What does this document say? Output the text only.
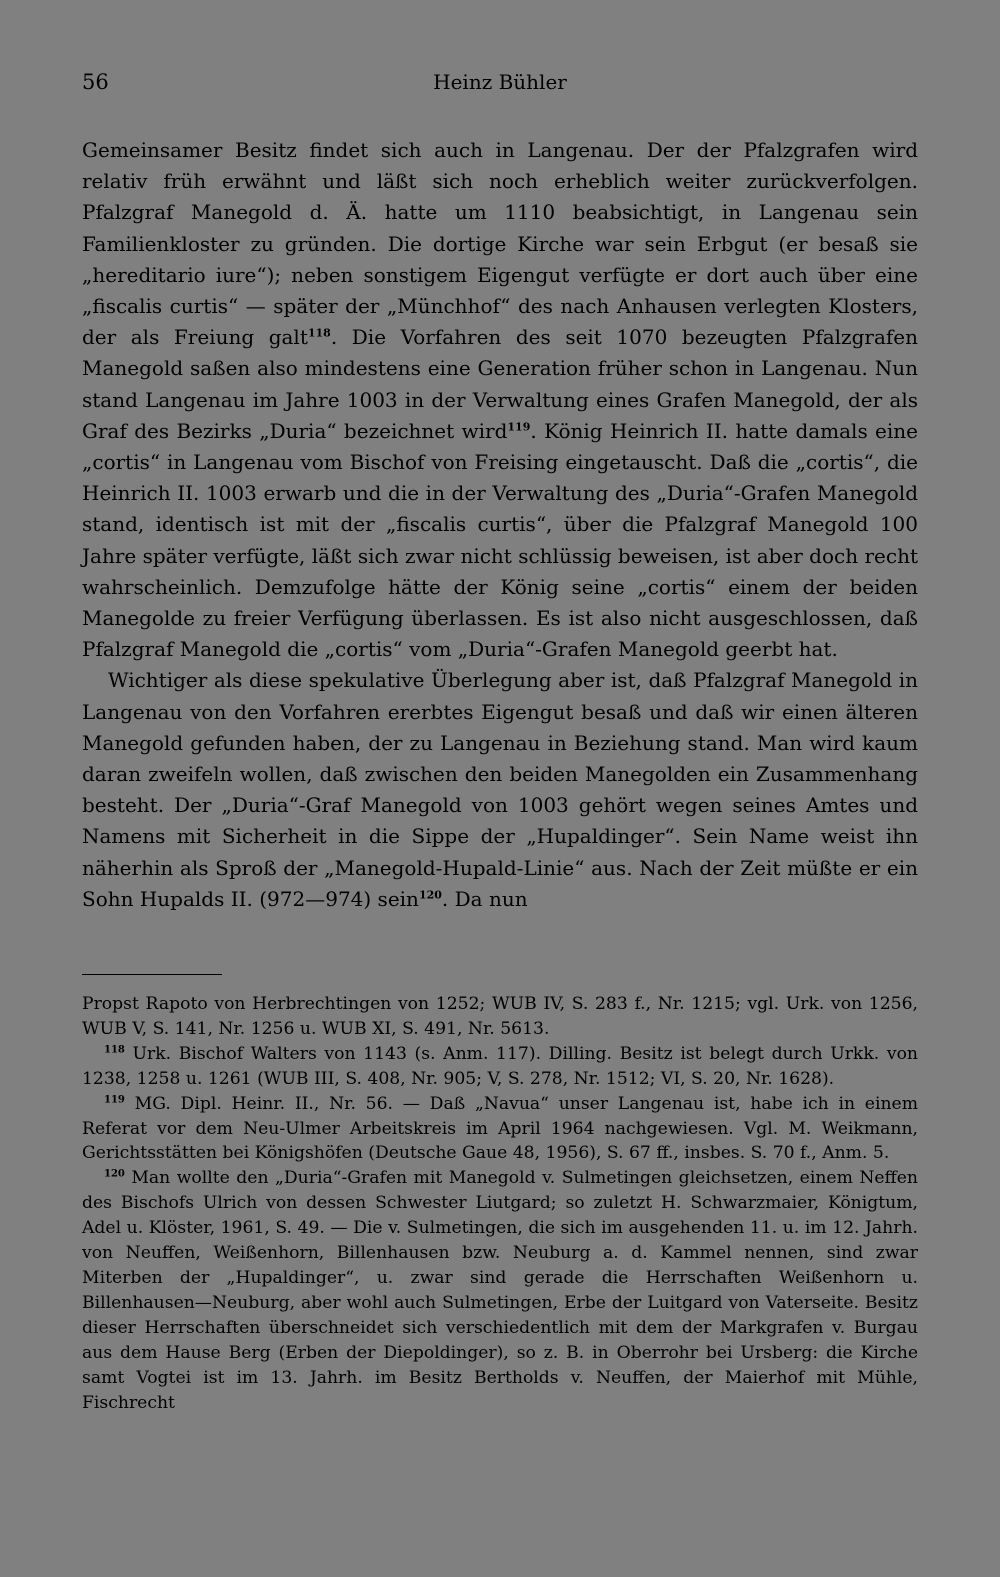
56	Heinz Bühler

Gemeinsamer Besitz findet sich auch in Langenau. Der der Pfalzgrafen wird relativ früh erwähnt und läßt sich noch erheblich weiter zurückverfolgen. Pfalzgraf Manegold d. Ä. hatte um 1110 beabsichtigt, in Langenau sein Familienkloster zu gründen. Die dortige Kirche war sein Erbgut (er besaß sie „hereditario iure“); neben sonstigem Eigengut verfügte er dort auch über eine „fiscalis curtis“ — später der „Münchhof“ des nach Anhausen verlegten Klosters, der als Freiung galt$^{118}$. Die Vorfahren des seit 1070 bezeugten Pfalzgrafen Manegold saßen also mindestens eine Generation früher schon in Langenau. Nun stand Langenau im Jahre 1003 in der Verwaltung eines Grafen Manegold, der als Graf des Bezirks „Duria“ bezeichnet wird$^{119}$. König Heinrich II. hatte damals eine „cortis“ in Langenau vom Bischof von Freising eingetauscht. Daß die „cortis“, die Heinrich II. 1003 erwarb und die in der Verwaltung des „Duria“-Grafen Manegold stand, identisch ist mit der „fiscalis curtis“, über die Pfalzgraf Manegold 100 Jahre später verfügte, läßt sich zwar nicht schlüssig beweisen, ist aber doch recht wahrscheinlich. Demzufolge hätte der König seine „cortis“ einem der beiden Manegolde zu freier Verfügung überlassen. Es ist also nicht ausgeschlossen, daß Pfalzgraf Manegold die „cortis“ vom „Duria“-Grafen Manegold geerbt hat.

Wichtiger als diese spekulative Überlegung aber ist, daß Pfalzgraf Manegold in Langenau von den Vorfahren ererbtes Eigengut besaß und daß wir einen älteren Manegold gefunden haben, der zu Langenau in Beziehung stand. Man wird kaum daran zweifeln wollen, daß zwischen den beiden Manegolden ein Zusammenhang besteht. Der „Duria“-Graf Manegold von 1003 gehört wegen seines Amtes und Namens mit Sicherheit in die Sippe der „Hupaldinger“. Sein Name weist ihn näherhin als Sproß der „Manegold-Hupald-Linie“ aus. Nach der Zeit müßte er ein Sohn Hupalds II. (972—974) sein$^{120}$. Da nun

Propst Rapoto von Herbrechtingen von 1252; WUB IV, S. 283 f., Nr. 1215; vgl. Urk. von 1256, WUB V, S. 141, Nr. 1256 u. WUB XI, S. 491, Nr. 5613.

$^{118}$ Urk. Bischof Walters von 1143 (s. Anm. 117). Dilling. Besitz ist belegt durch Urkk. von 1238, 1258 u. 1261 (WUB III, S. 408, Nr. 905; V, S. 278, Nr. 1512; VI, S. 20, Nr. 1628).

$^{119}$ MG. Dipl. Heinr. II., Nr. 56. — Daß „Navua“ unser Langenau ist, habe ich in einem Referat vor dem Neu-Ulmer Arbeitskreis im April 1964 nachgewiesen. Vgl. M. Weikmann, Gerichtsstätten bei Königshöfen (Deutsche Gaue 48, 1956), S. 67 ff., insbes. S. 70 f., Anm. 5.

$^{120}$ Man wollte den „Duria“-Grafen mit Manegold v. Sulmetingen gleichsetzen, einem Neffen des Bischofs Ulrich von dessen Schwester Liutgard; so zuletzt H. Schwarzmaier, Königtum, Adel u. Klöster, 1961, S. 49. — Die v. Sulmetingen, die sich im ausgehenden 11. u. im 12. Jahrh. von Neuffen, Weißenhorn, Billenhausen bzw. Neuburg a. d. Kammel nennen, sind zwar Miterben der „Hupaldinger“, u. zwar sind gerade die Herrschaften Weißenhorn u. Billenhausen—Neuburg, aber wohl auch Sulmetingen, Erbe der Luitgard von Vaterseite. Besitz dieser Herrschaften überschneidet sich verschiedentlich mit dem der Markgrafen v. Burgau aus dem Hause Berg (Erben der Diepoldinger), so z. B. in Oberrohr bei Ursberg: die Kirche samt Vogtei ist im 13. Jahrh. im Besitz Bertholds v. Neuffen, der Maierhof mit Mühle, Fischrecht
